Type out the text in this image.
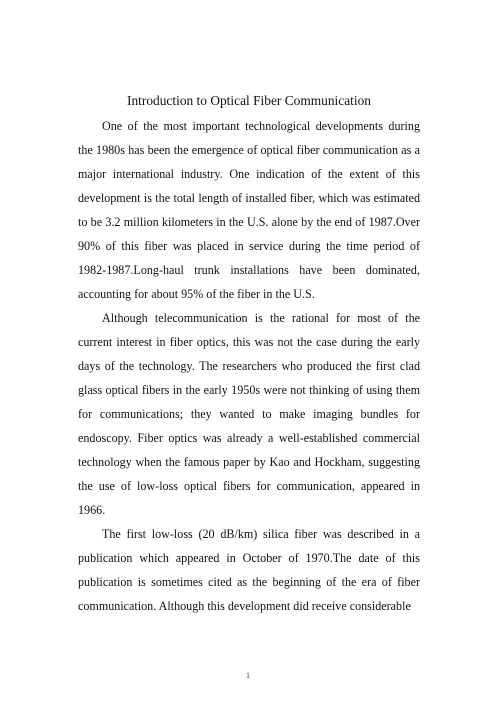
Introduction to Optical Fiber Communication

One of the most important technological developments during the 1980s has been the emergence of optical fiber communication as a major international industry. One indication of the extent of this development is the total length of installed fiber, which was estimated to be 3.2 million kilometers in the U.S. alone by the end of 1987.Over 90% of this fiber was placed in service during the time period of 1982-1987.Long-haul trunk installations have been dominated, accounting for about 95% of the fiber in the U.S.

Although telecommunication is the rational for most of the current interest in fiber optics, this was not the case during the early days of the technology. The researchers who produced the first clad glass optical fibers in the early 1950s were not thinking of using them for communications; they wanted to make imaging bundles for endoscopy. Fiber optics was already a well-established commercial technology when the famous paper by Kao and Hockham, suggesting the use of low-loss optical fibers for communication, appeared in 1966.

The first low-loss (20 dB/km) silica fiber was described in a publication which appeared in October of 1970.The date of this publication is sometimes cited as the beginning of the era of fiber communication. Although this development did receive considerable

1
